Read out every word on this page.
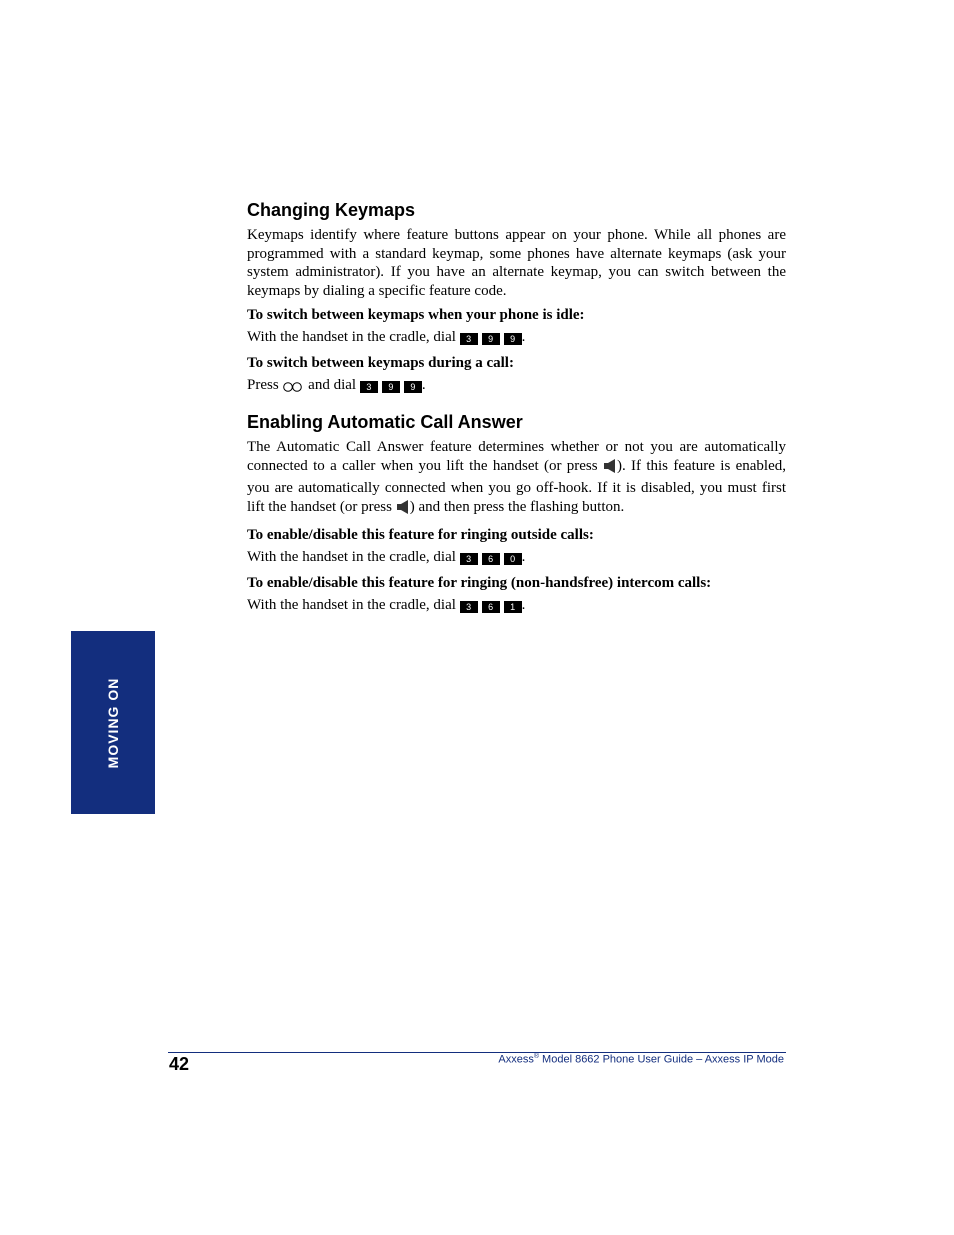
Changing Keymaps

Keymaps identify where feature buttons appear on your phone. While all phones are programmed with a standard keymap, some phones have alternate keymaps (ask your system administrator). If you have an alternate keymap, you can switch between the keymaps by dialing a specific feature code.

To switch between keymaps when your phone is idle:

With the handset in the cradle, dial 3 9 9 .

To switch between keymaps during a call:

Press and dial 3 9 9 .

Enabling Automatic Call Answer

The Automatic Call Answer feature determines whether or not you are automatically connected to a caller when you lift the handset (or press ). If this feature is enabled, you are automatically connected when you go off-hook. If it is disabled, you must first lift the handset (or press ) and then press the flashing button.

To enable/disable this feature for ringing outside calls:

With the handset in the cradle, dial 3 6 0 .

To enable/disable this feature for ringing (non-handsfree) intercom calls:

With the handset in the cradle, dial 3 6 1 .

MOVING ON
42	Axxess® Model 8662 Phone User Guide – Axxess IP Mode
